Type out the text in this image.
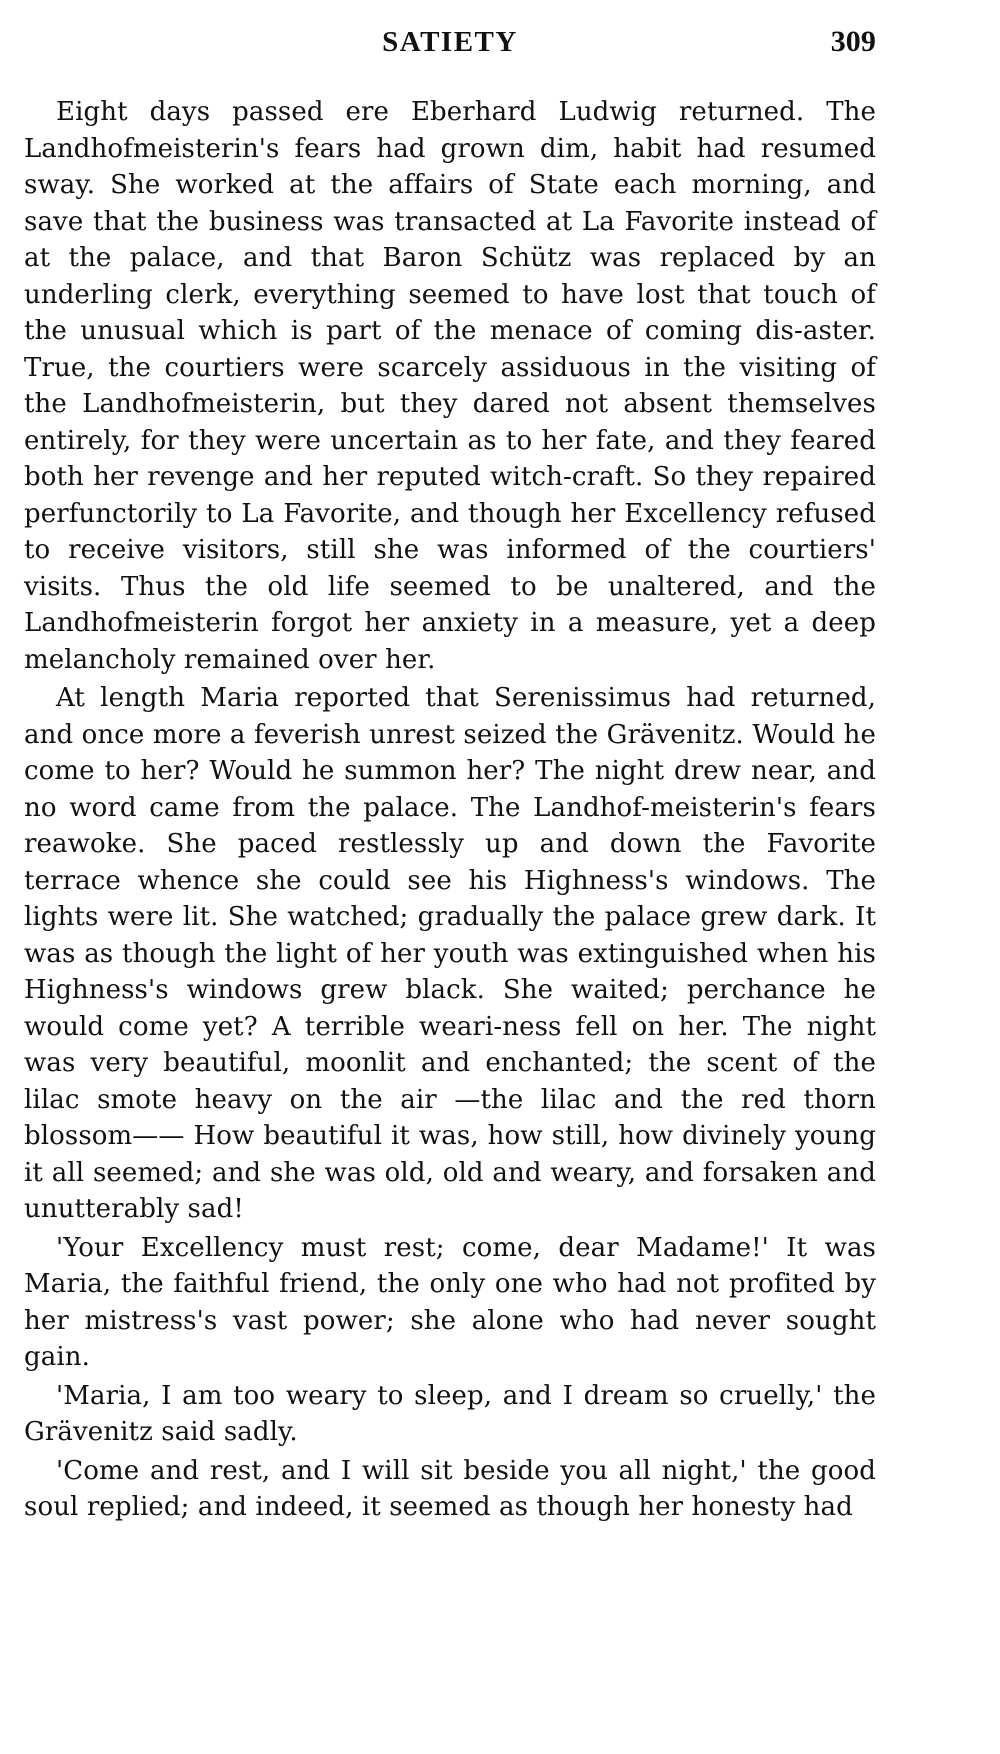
SATIETY	309

Eight days passed ere Eberhard Ludwig returned. The Landhofmeisterin's fears had grown dim, habit had resumed sway. She worked at the affairs of State each morning, and save that the business was transacted at La Favorite instead of at the palace, and that Baron Schütz was replaced by an underling clerk, everything seemed to have lost that touch of the unusual which is part of the menace of coming dis-aster. True, the courtiers were scarcely assiduous in the visiting of the Landhofmeisterin, but they dared not absent themselves entirely, for they were uncertain as to her fate, and they feared both her revenge and her reputed witch-craft. So they repaired perfunctorily to La Favorite, and though her Excellency refused to receive visitors, still she was informed of the courtiers' visits. Thus the old life seemed to be unaltered, and the Landhofmeisterin forgot her anxiety in a measure, yet a deep melancholy remained over her.

At length Maria reported that Serenissimus had returned, and once more a feverish unrest seized the Grävenitz. Would he come to her? Would he summon her? The night drew near, and no word came from the palace. The Landhof-meisterin's fears reawoke. She paced restlessly up and down the Favorite terrace whence she could see his Highness's windows. The lights were lit. She watched; gradually the palace grew dark. It was as though the light of her youth was extinguished when his Highness's windows grew black. She waited; perchance he would come yet? A terrible weari-ness fell on her. The night was very beautiful, moonlit and enchanted; the scent of the lilac smote heavy on the air —the lilac and the red thorn blossom—— How beautiful it was, how still, how divinely young it all seemed; and she was old, old and weary, and forsaken and unutterably sad!

'Your Excellency must rest; come, dear Madame!' It was Maria, the faithful friend, the only one who had not profited by her mistress's vast power; she alone who had never sought gain.

'Maria, I am too weary to sleep, and I dream so cruelly,' the Grävenitz said sadly.

'Come and rest, and I will sit beside you all night,' the good soul replied; and indeed, it seemed as though her honesty had
